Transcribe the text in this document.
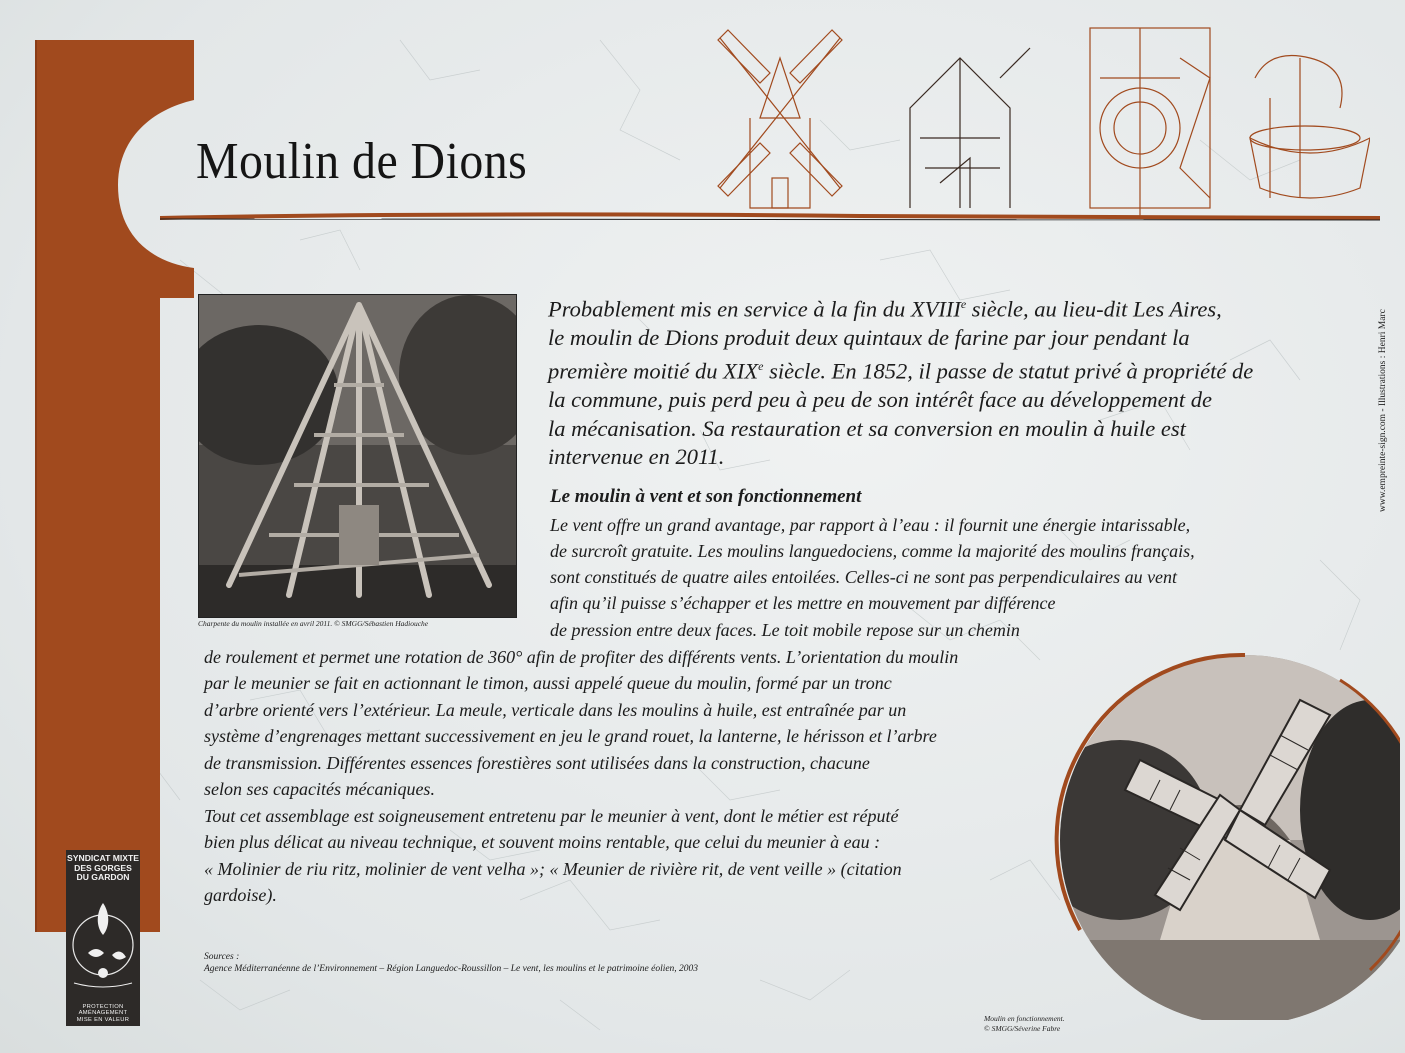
Moulin de Dions
www.empreinte-sign.com - Illustrations : Henri Marc
Charpente du moulin installée en avril 2011. © SMGG/Sébastien Hadiouche
Probablement mis en service à la fin du XVIIIe siècle, au lieu-dit Les Aires,
le moulin de Dions produit deux quintaux de farine par jour pendant la
première moitié du XIXe siècle. En 1852, il passe de statut privé à propriété de
la commune, puis perd peu à peu de son intérêt face au développement de
la mécanisation. Sa restauration et sa conversion en moulin à huile est
intervenue en 2011.
Le moulin à vent et son fonctionnement
Le vent offre un grand avantage, par rapport à l’eau : il fournit une énergie intarissable,
de surcroît gratuite. Les moulins languedociens, comme la majorité des moulins français,
sont constitués de quatre ailes entoilées. Celles-ci ne sont pas perpendiculaires au vent
afin qu’il puisse s’échapper et les mettre en mouvement par différence
de pression entre deux faces. Le toit mobile repose sur un chemin
de roulement et permet une rotation de 360° afin de profiter des différents vents. L’orientation du moulin
par le meunier se fait en actionnant le timon, aussi appelé queue du moulin, formé par un tronc
d’arbre orienté vers l’extérieur. La meule, verticale dans les moulins à huile, est entraînée par un
système d’engrenages mettant successivement en jeu le grand rouet, la lanterne, le hérisson et l’arbre
de transmission. Différentes essences forestières sont utilisées dans la construction, chacune
selon ses capacités mécaniques.
Tout cet assemblage est soigneusement entretenu par le meunier à vent, dont le métier est réputé
bien plus délicat au niveau technique, et souvent moins rentable, que celui du meunier à eau :
« Molinier de riu ritz, molinier de vent velha »; « Meunier de rivière rit, de vent veille » (citation
gardoise).
Moulin en fonctionnement.
© SMGG/Séverine Fabre
Sources :
Agence Méditerranéenne de l’Environnement – Région Languedoc-Roussillon – Le vent, les moulins et le patrimoine éolien, 2003
SYNDICAT MIXTE
DES GORGES
DU GARDON
PROTECTION
AMÉNAGEMENT
MISE EN VALEUR
